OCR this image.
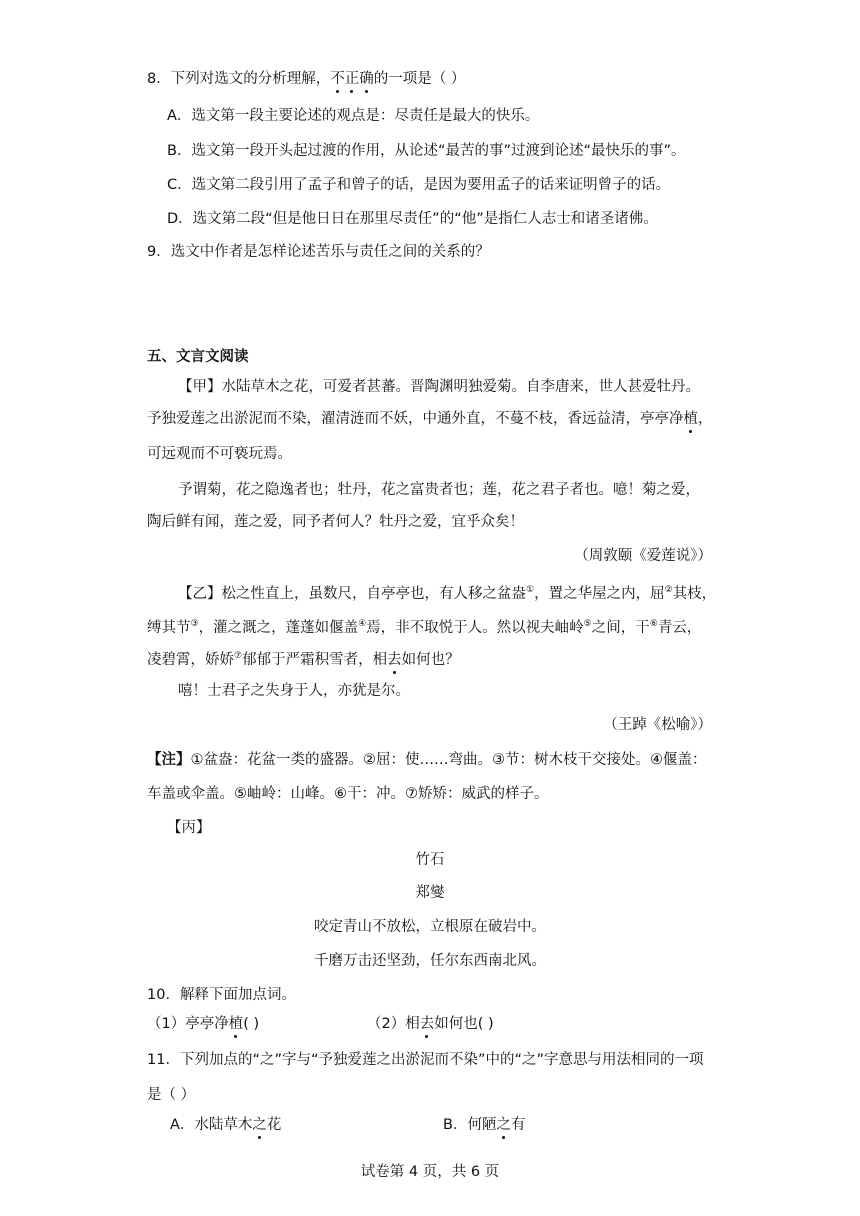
8．下列对选文的分析理解，不正确的一项是（ ）
A．选文第一段主要论述的观点是：尽责任是最大的快乐。
B．选文第一段开头起过渡的作用，从论述“最苦的事”过渡到论述“最快乐的事”。
C．选文第二段引用了孟子和曾子的话，是因为要用孟子的话来证明曾子的话。
D．选文第二段“但是他日日在那里尽责任”的“他”是指仁人志士和诸圣诸佛。
9．选文中作者是怎样论述苦乐与责任之间的关系的？
五、文言文阅读
【甲】水陆草木之花，可爱者甚蕃。晋陶渊明独爱菊。自李唐来，世人甚爱牡丹。
予独爱莲之出淤泥而不染，濯清涟而不妖，中通外直，不蔓不枝，香远益清，亭亭净植，
可远观而不可亵玩焉。
予谓菊，花之隐逸者也；牡丹，花之富贵者也；莲，花之君子者也。噫！菊之爱，
陶后鲜有闻，莲之爱，同予者何人？牡丹之爱，宜乎众矣！
（周敦颐《爱莲说》）
【乙】松之性直上，虽数尺，自亭亭也，有人移之盆盎①，置之华屋之内，屈②其枝，
缚其节③，灌之溉之，蓬蓬如偃盖④焉，非不取悦于人。然以视夫岫岭⑤之间，干⑥青云，
凌碧霄，娇娇⑦郁郁于严霜积雪者，相去如何也？
嘻！士君子之失身于人，亦犹是尔。
（王踔《松喻》）
【注】①盆盎：花盆一类的盛器。②屈：使……弯曲。③节：树木枝干交接处。④偃盖：
车盖或伞盖。⑤岫岭：山峰。⑥干：冲。⑦矫矫：威武的样子。
【丙】
竹石
郑燮
咬定青山不放松，立根原在破岩中。
千磨万击还坚劲，任尔东西南北风。
10．解释下面加点词。
（1）亭亭净植( )	（2）相去如何也( )
11．下列加点的“之”字与“予独爱莲之出淤泥而不染”中的“之”字意思与用法相同的一项
是（ ）
A．水陆草木之花	B．何陋之有
试卷第 4 页，共 6 页
